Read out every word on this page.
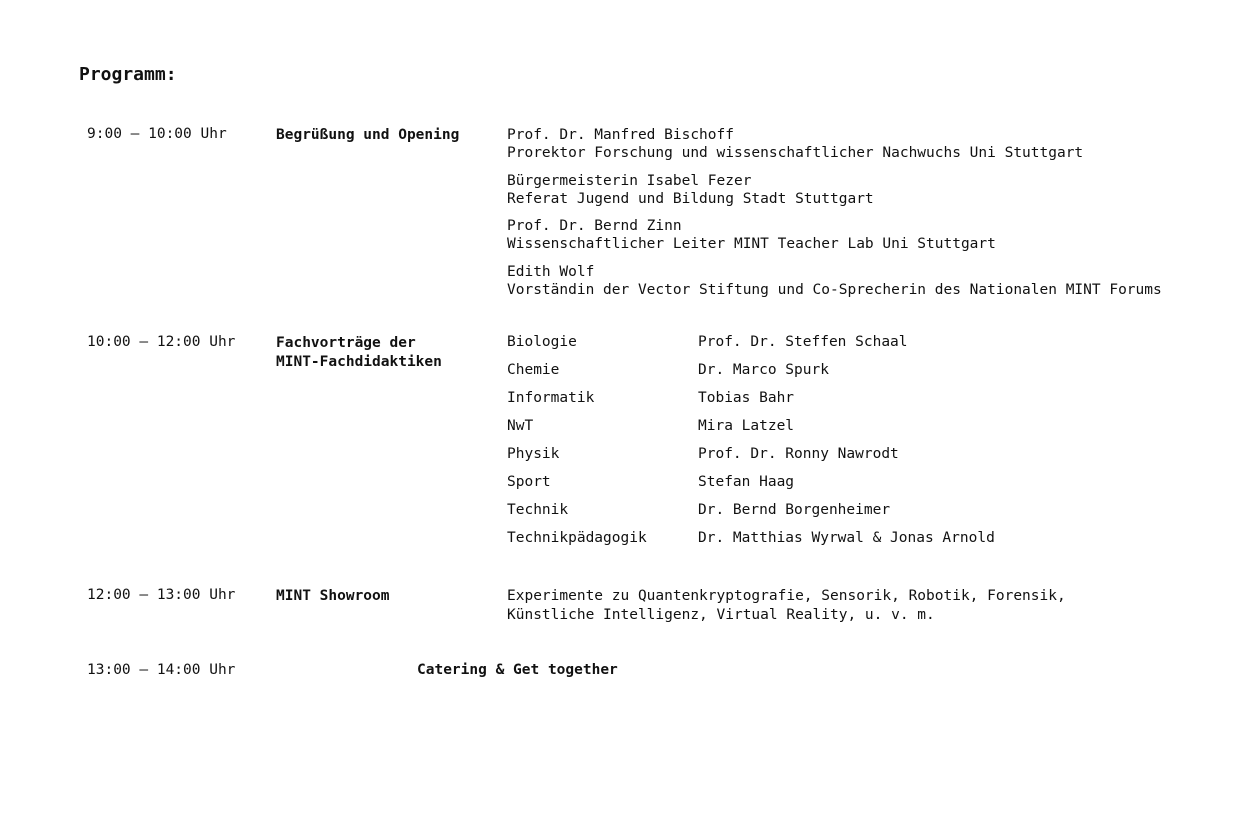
Programm:
9:00 – 10:00 Uhr	Begrüßung und Opening	Prof. Dr. Manfred Bischoff
Prorektor Forschung und wissenschaftlicher Nachwuchs Uni Stuttgart
Bürgermeisterin Isabel Fezer
Referat Jugend und Bildung Stadt Stuttgart
Prof. Dr. Bernd Zinn
Wissenschaftlicher Leiter MINT Teacher Lab Uni Stuttgart
Edith Wolf
Vorständin der Vector Stiftung und Co-Sprecherin des Nationalen MINT Forums
10:00 – 12:00 Uhr	Fachvorträge der
MINT-Fachdidaktiken
Biologie	Prof. Dr. Steffen Schaal
Chemie	Dr. Marco Spurk
Informatik	Tobias Bahr
NwT	Mira Latzel
Physik	Prof. Dr. Ronny Nawrodt
Sport	Stefan Haag
Technik	Dr. Bernd Borgenheimer
Technikpädagogik	Dr. Matthias Wyrwal & Jonas Arnold
12:00 – 13:00 Uhr	MINT Showroom	Experimente zu Quantenkryptografie, Sensorik, Robotik, Forensik,
Künstliche Intelligenz, Virtual Reality, u. v. m.
13:00 – 14:00 Uhr	Catering & Get together
